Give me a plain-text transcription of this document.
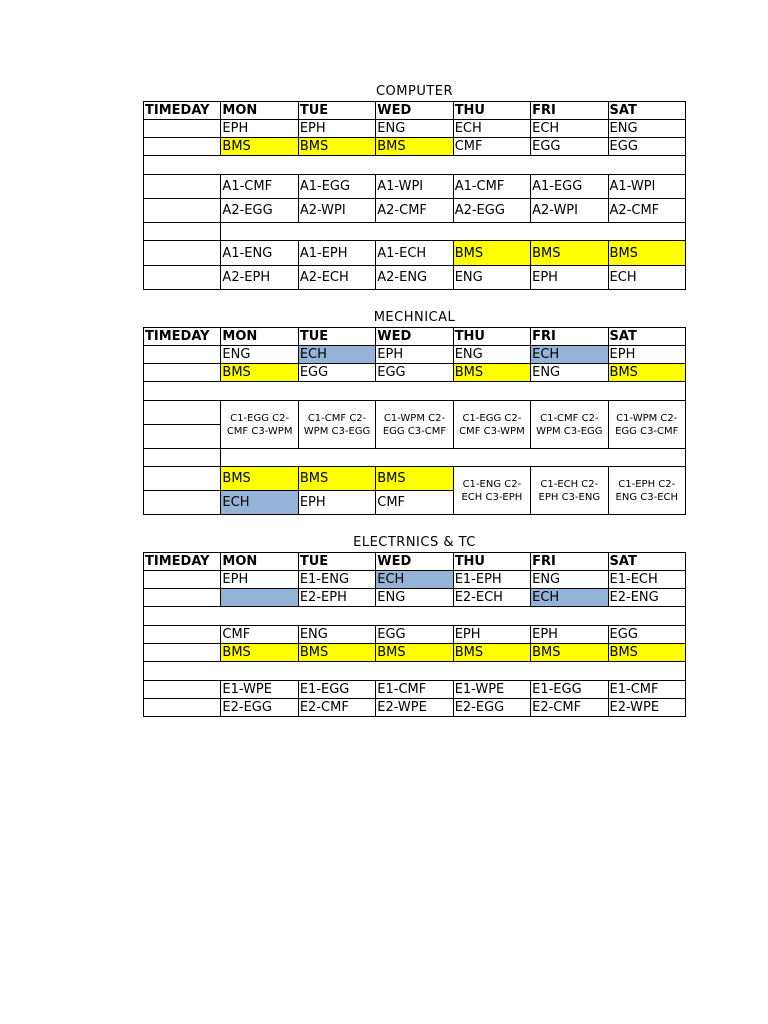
COMPUTER
TIMEDAY	MON	TUE	WED	THU	FRI	SAT
	EPH	EPH	ENG	ECH	ECH	ENG
	BMS	BMS	BMS	CMF	EGG	EGG

	A1-CMF	A1-EGG	A1-WPI	A1-CMF	A1-EGG	A1-WPI
	A2-EGG	A2-WPI	A2-CMF	A2-EGG	A2-WPI	A2-CMF

	A1-ENG	A1-EPH	A1-ECH	BMS	BMS	BMS
	A2-EPH	A2-ECH	A2-ENG	ENG	EPH	ECH
MECHNICAL
TIMEDAY	MON	TUE	WED	THU	FRI	SAT
	ENG	ECH	EPH	ENG	ECH	EPH
	BMS	EGG	EGG	BMS	ENG	BMS

	C1-EGG C2-CMF C3-WPM	C1-CMF C2-WPM C3-EGG	C1-WPM C2-EGG C3-CMF	C1-EGG C2-CMF C3-WPM	C1-CMF C2-WPM C3-EGG	C1-WPM C2-EGG C3-CMF

	BMS	BMS	BMS	C1-ENG C2-ECH C3-EPH	C1-ECH C2-EPH C3-ENG	C1-EPH C2-ENG C3-ECH
	ECH	EPH	CMF			
ELECTRNICS & TC
TIMEDAY	MON	TUE	WED	THU	FRI	SAT
	EPH	E1-ENG	ECH	E1-EPH	ENG	E1-ECH
		E2-EPH	ENG	E2-ECH	ECH	E2-ENG

	CMF	ENG	EGG	EPH	EPH	EGG
	BMS	BMS	BMS	BMS	BMS	BMS

	E1-WPE	E1-EGG	E1-CMF	E1-WPE	E1-EGG	E1-CMF
	E2-EGG	E2-CMF	E2-WPE	E2-EGG	E2-CMF	E2-WPE
